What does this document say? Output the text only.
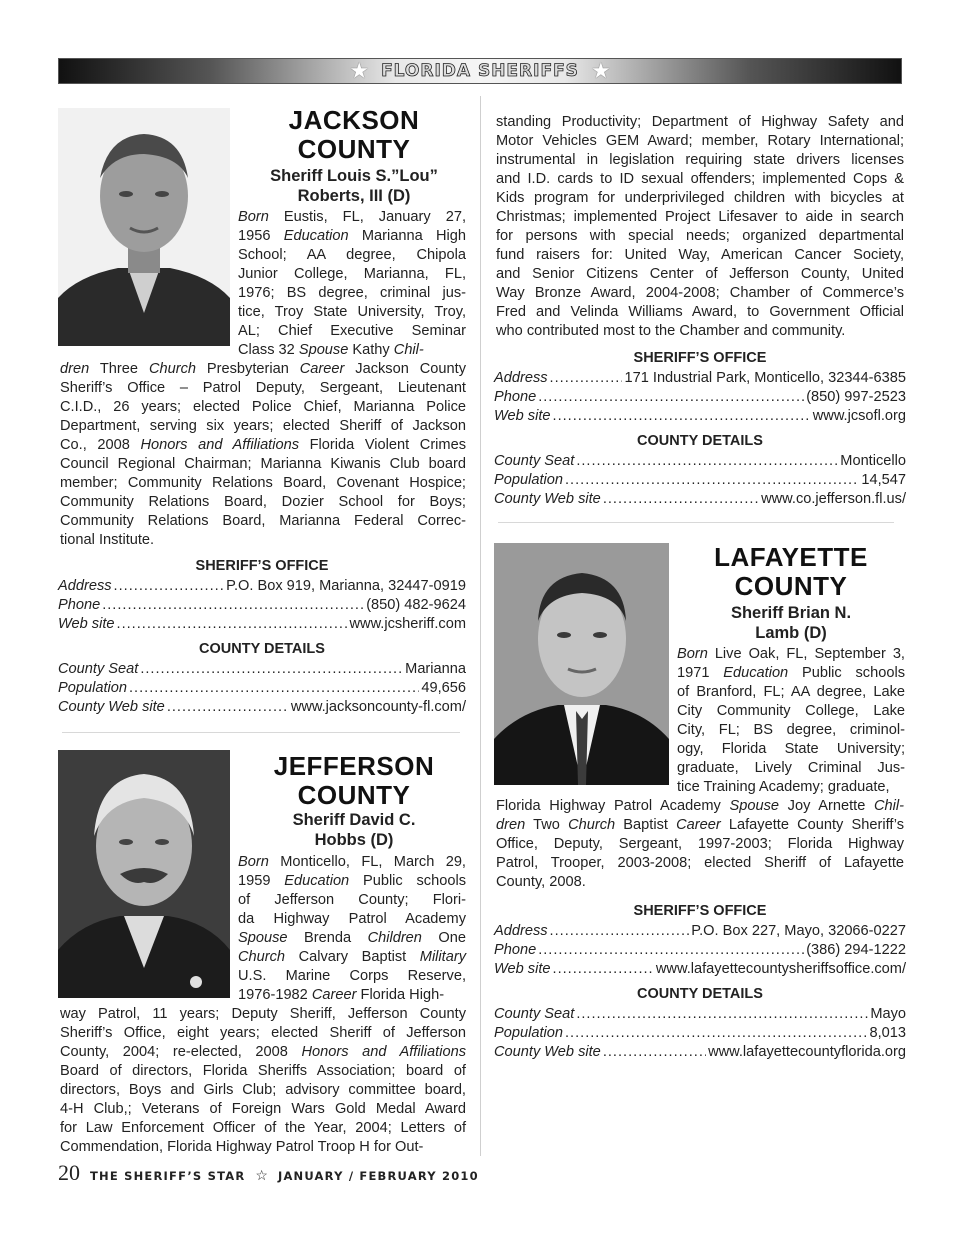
★ FLORIDA SHERIFFS ★
JACKSON
COUNTY
Sheriff Louis S.”Lou”
Roberts, III (D)
Born Eustis, FL, January 27,
1956 Education Marianna High
School; AA degree, Chipola
Junior College, Marianna, FL,
1976; BS degree, criminal jus-
tice, Troy State University, Troy,
AL; Chief Executive Seminar
Class 32 Spouse Kathy Chil-
dren Three Church Presbyterian Career Jackson County
Sheriff’s Office – Patrol Deputy, Sergeant, Lieutenant
C.I.D., 26 years; elected Police Chief, Marianna Police
Department, serving six years; elected Sheriff of Jackson
Co., 2008 Honors and Affiliations Florida Violent Crimes
Council Regional Chairman; Marianna Kiwanis Club board
member; Community Relations Board, Covenant Hospice;
Community Relations Board, Dozier School for Boys;
Community Relations Board, Marianna Federal Correc-
tional Institute.
SHERIFF’S OFFICE
COUNTY DETAILS
JEFFERSON
COUNTY
Sheriff David C.
Hobbs (D)
Born Monticello, FL, March 29,
1959 Education Public schools
of Jefferson County; Flori-
da Highway Patrol Academy
Spouse Brenda Children One
Church Calvary Baptist Military
U.S. Marine Corps Reserve,
1976-1982 Career Florida High-
way Patrol, 11 years; Deputy Sheriff, Jefferson County
Sheriff’s Office, eight years; elected Sheriff of Jefferson
County, 2004; re-elected, 2008 Honors and Affiliations
Board of directors, Florida Sheriffs Association; board of
directors, Boys and Girls Club; advisory committee board,
4-H Club,; Veterans of Foreign Wars Gold Medal Award
for Law Enforcement Officer of the Year, 2004; Letters of
Commendation, Florida Highway Patrol Troop H for Out-
standing Productivity; Department of Highway Safety and
Motor Vehicles GEM Award; member, Rotary International;
instrumental in legislation requiring state drivers licenses
and I.D. cards to ID sexual offenders; implemented Cops &
Kids program for underprivileged children with bicycles at
Christmas; implemented Project Lifesaver to aide in search
for persons with special needs; organized departmental
fund raisers for: United Way, American Cancer Society,
and Senior Citizens Center of Jefferson County, United
Way Bronze Award, 2004-2008; Chamber of Commerce’s
Fred and Velinda Williams Award, to Government Official
who contributed most to the Chamber and community.
SHERIFF’S OFFICE
COUNTY DETAILS
LAFAYETTE
COUNTY
Sheriff Brian N.
Lamb (D)
Born Live Oak, FL, September 3,
1971 Education Public schools
of Branford, FL; AA degree, Lake
City Community College, Lake
City, FL; BS degree, criminol-
ogy, Florida State University;
graduate, Lively Criminal Jus-
tice Training Academy; graduate,
Florida Highway Patrol Academy Spouse Joy Arnette Chil-
dren Two Church Baptist Career Lafayette County Sheriff’s
Office, Deputy, Sergeant, 1997-2003; Florida Highway
Patrol, Trooper, 2003-2008; elected Sheriff of Lafayette
County, 2008.
SHERIFF’S OFFICE
COUNTY DETAILS
20 THE SHERIFF’S STAR ☆ JANUARY / FEBRUARY 2010
Address .....	P.O. Box 919, Marianna, 32447-0919
Phone .....	(850) 482-9624
Web site .....	www.jcsheriff.com
County Seat .....	Marianna
Population .....	49,656
County Web site .....	www.jacksoncounty-fl.com/
Address .....	171 Industrial Park, Monticello, 32344-6385
Phone .....	(850) 997-2523
Web site .....	www.jcsofl.org
County Seat .....	Monticello
Population .....	14,547
County Web site .....	www.co.jefferson.fl.us/
Address .....	P.O. Box 227, Mayo, 32066-0227
Phone .....	(386) 294-1222
Web site .....	www.lafayettecountysheriffsoffice.com/
County Seat .....	Mayo
Population .....	8,013
County Web site .....	www.lafayettecountyflorida.org
